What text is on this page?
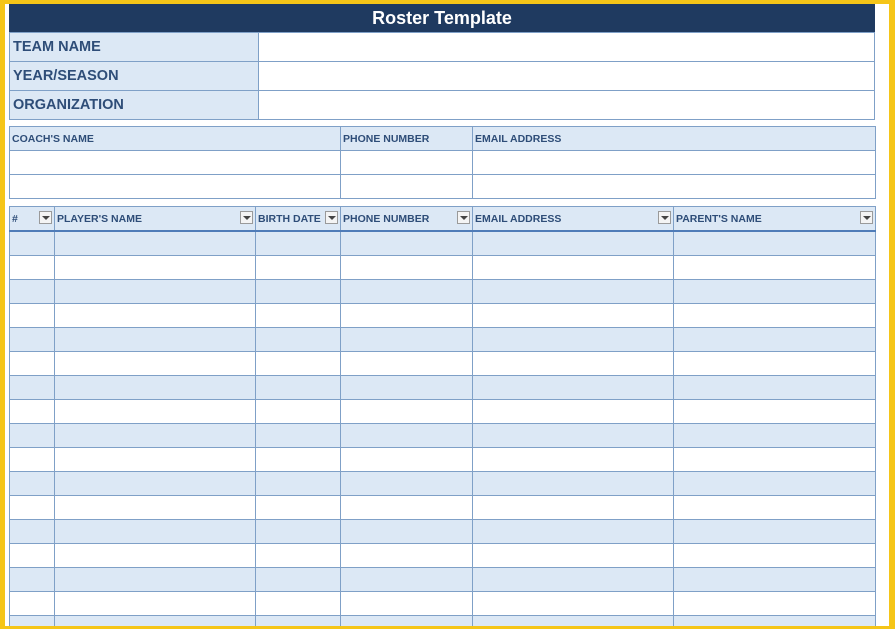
Roster Template
TEAM NAME	
YEAR/SEASON	
ORGANIZATION	
COACH'S NAME	PHONE NUMBER	EMAIL ADDRESS

#	PLAYER'S NAME	BIRTH DATE	PHONE NUMBER	EMAIL ADDRESS	PARENT'S NAME
